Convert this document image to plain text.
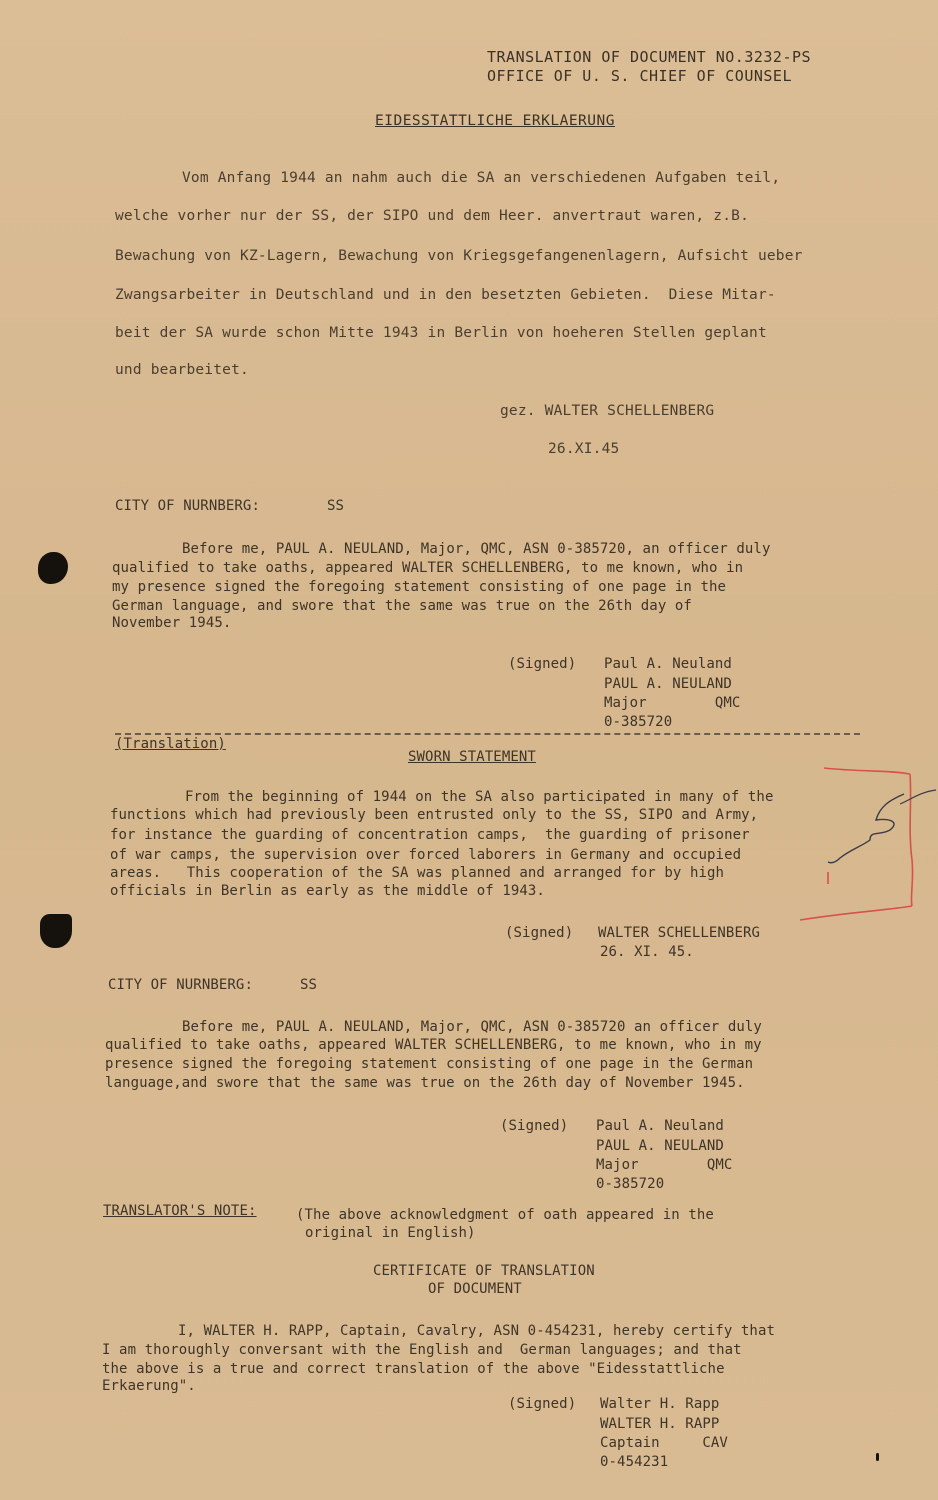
TRANSLATION OF DOCUMENT NO.3232-PS
OFFICE OF U. S. CHIEF OF COUNSEL
EIDESSTATTLICHE ERKLAERUNG
Vom Anfang 1944 an nahm auch die SA an verschiedenen Aufgaben teil,
welche vorher nur der SS, der SIPO und dem Heer. anvertraut waren, z.B.
Bewachung von KZ-Lagern, Bewachung von Kriegsgefangenenlagern, Aufsicht ueber
Zwangsarbeiter in Deutschland und in den besetzten Gebieten.  Diese Mitar-
beit der SA wurde schon Mitte 1943 in Berlin von hoeheren Stellen geplant
und bearbeitet.
gez. WALTER SCHELLENBERG
26.XI.45
CITY OF NURNBERG:	SS
Before me, PAUL A. NEULAND, Major, QMC, ASN 0-385720, an officer duly
qualified to take oaths, appeared WALTER SCHELLENBERG, to me known, who in
my presence signed the foregoing statement consisting of one page in the
German language, and swore that the same was true on the 26th day of
November 1945.
(Signed) Paul A. Neuland
PAUL A. NEULAND
Major        QMC
0-385720
(Translation)
SWORN STATEMENT
From the beginning of 1944 on the SA also participated in many of the
functions which had previously been entrusted only to the SS, SIPO and Army,
for instance the guarding of concentration camps,  the guarding of prisoner
of war camps, the supervision over forced laborers in Germany and occupied
areas.   This cooperation of the SA was planned and arranged for by high
officials in Berlin as early as the middle of 1943.
(Signed) WALTER SCHELLENBERG
26. XI. 45.
CITY OF NURNBERG:	SS
Before me, PAUL A. NEULAND, Major, QMC, ASN 0-385720 an officer duly
qualified to take oaths, appeared WALTER SCHELLENBERG, to me known, who in my
presence signed the foregoing statement consisting of one page in the German
language,and swore that the same was true on the 26th day of November 1945.
(Signed) Paul A. Neuland
PAUL A. NEULAND
Major        QMC
0-385720
TRANSLATOR'S NOTE:	(The above acknowledgment of oath appeared in the
original in English)
CERTIFICATE OF TRANSLATION
OF DOCUMENT
I, WALTER H. RAPP, Captain, Cavalry, ASN 0-454231, hereby certify that
I am thoroughly conversant with the English and  German languages; and that
the above is a true and correct translation of the above "Eidesstattliche
Erkaerung".
(Signed) Walter H. Rapp
WALTER H. RAPP
Captain     CAV
0-454231
